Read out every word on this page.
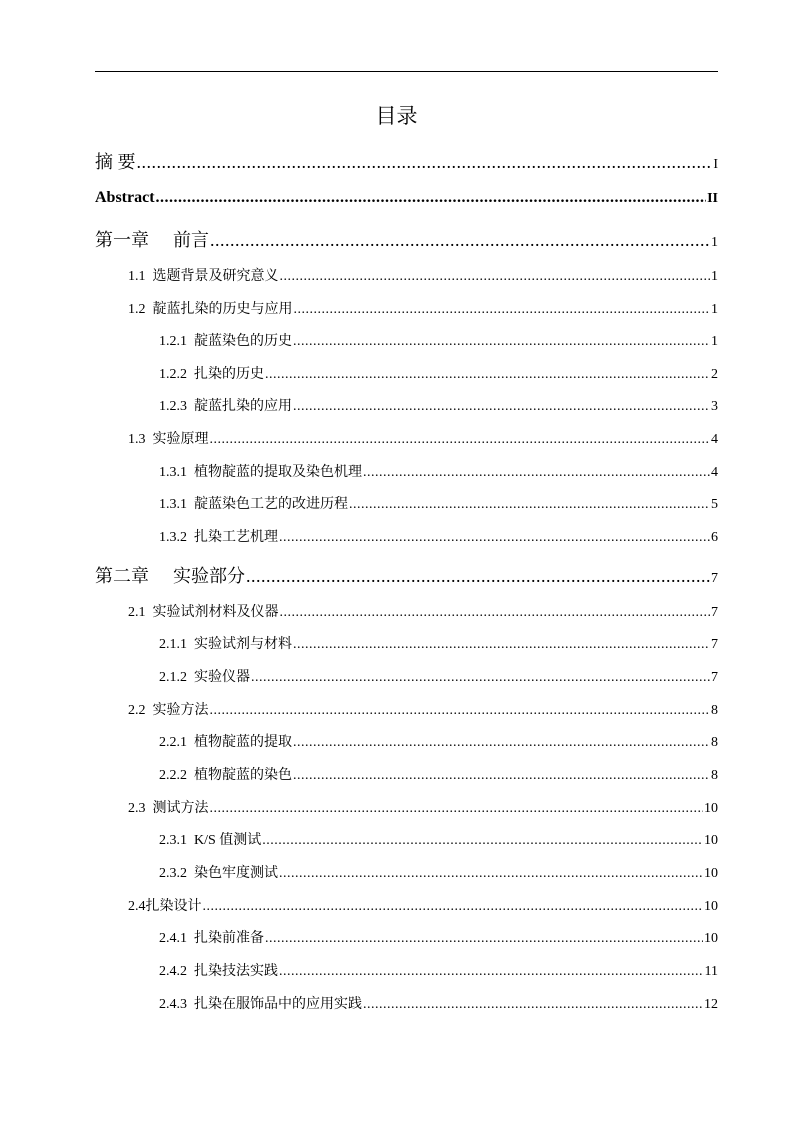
目录
摘 要 .....	I
Abstract .....	II
第一章 前言 .....	1
1.1 选题背景及研究意义 .....	1
1.2 靛蓝扎染的历史与应用 .....	1
1.2.1 靛蓝染色的历史 .....	1
1.2.2 扎染的历史 .....	2
1.2.3 靛蓝扎染的应用 .....	3
1.3 实验原理 .....	4
1.3.1 植物靛蓝的提取及染色机理 .....	4
1.3.1 靛蓝染色工艺的改进历程 .....	5
1.3.2 扎染工艺机理 .....	6
第二章 实验部分 .....	7
2.1 实验试剂材料及仪器 .....	7
2.1.1 实验试剂与材料 .....	7
2.1.2 实验仪器 .....	7
2.2 实验方法 .....	8
2.2.1 植物靛蓝的提取 .....	8
2.2.2 植物靛蓝的染色 .....	8
2.3 测试方法 .....	10
2.3.1 K/S 值测试 .....	10
2.3.2 染色牢度测试 .....	10
2.4 扎染设计 .....	10
2.4.1 扎染前准备 .....	10
2.4.2 扎染技法实践 .....	11
2.4.3 扎染在服饰品中的应用实践 .....	12
